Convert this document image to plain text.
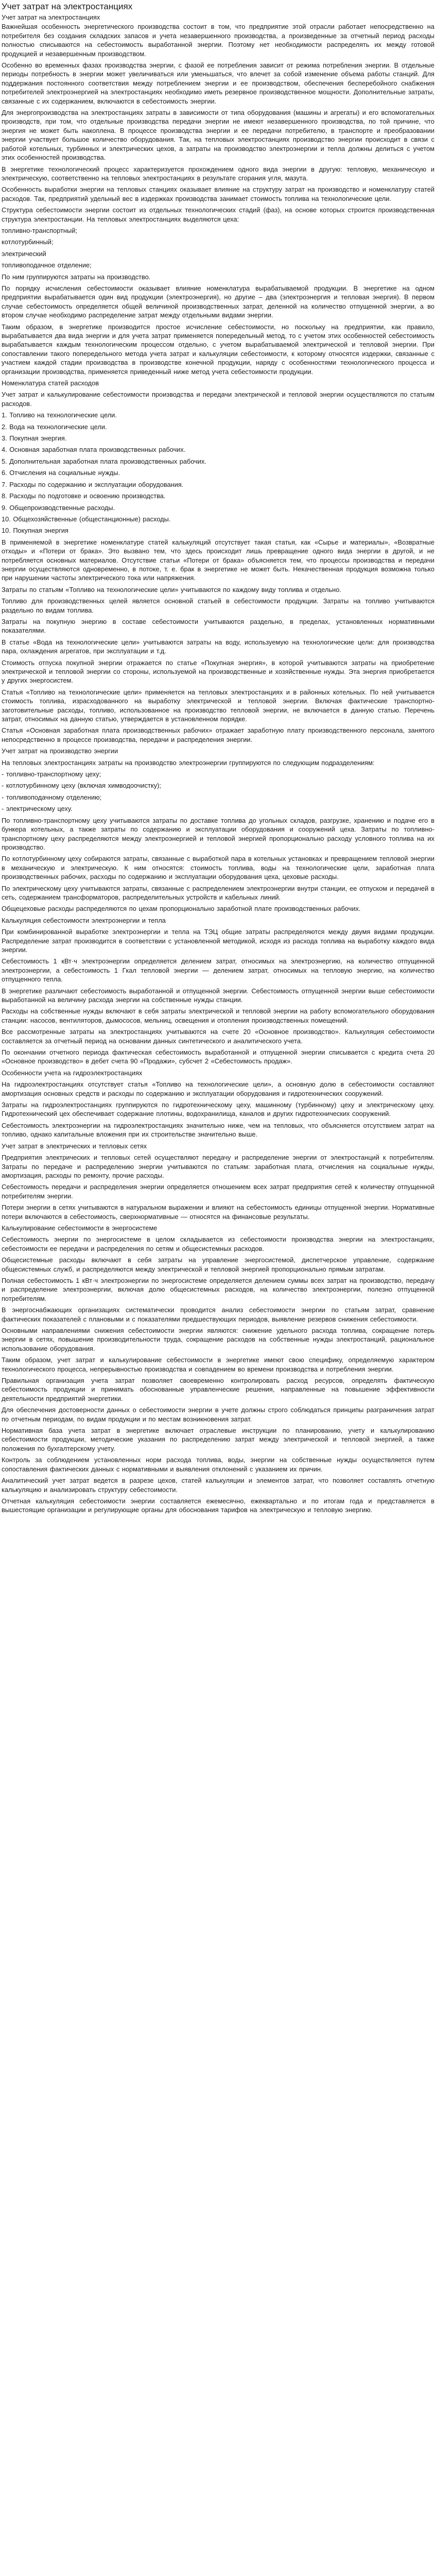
Учет затрат на электростанциях
Учет затрат на электростанциях

Важнейшая особенность энергетического производства состоит в том, что предприятие этой отрасли работает непосредственно на потребителя без создания складских запасов и учета незавершенного производства, а произведенные за отчетный период расходы полностью списываются на себестоимость выработанной энергии. Поэтому нет необходимости распределять их между готовой продукцией и незавершенным производством.

Особенно во временных фазах производства энергии, с фазой ее потребления зависит от режима потребления энергии. В отдельные периоды потребность в энергии может увеличиваться или уменьшаться, что влечет за собой изменение объема работы станций. Для поддержания постоянного соответствия между потреблением энергии и ее производством, обеспечения бесперебойного снабжения потребителей электроэнергией на электростанциях необходимо иметь резервное производственное мощности. Дополнительные затраты, связанные с их содержанием, включаются в себестоимость энергии.

Для энергопроизводства на электростанциях затраты в зависимости от типа оборудования (машины и агрегаты) и его вспомогательных производств, при том, что отдельные производства передачи энергии не имеют незавершенного производства, по той причине, что энергия не может быть накоплена. В процессе производства энергии и ее передачи потребителю, в транспорте и преобразовании энергии участвует большое количество оборудования. Так, на тепловых электростанциях производство энергии происходит в связи с работой котельных, турбинных и электрических цехов, а затраты на производство электроэнергии и тепла должны делиться с учетом этих особенностей производства.

В энергетике технологический процесс характеризуется прохождением одного вида энергии в другую: тепловую, механическую и электрическую, соответственно на тепловых электростанциях в результате сгорания угля, мазута.

Особенность выработки энергии на тепловых станциях оказывает влияние на структуру затрат на производство и номенклатуру статей расходов. Так, предприятий удельный вес в издержках производства занимает стоимость топлива на технологические цели.

Структура себестоимости энергии состоит из отдельных технологических стадий (фаз), на основе которых строится производственная структура электростанции. На тепловых электростанциях выделяются цеха:

топливно-транспортный;

котлотурбинный;

электрический

топливоподачное отделение;

По ним группируются затраты на производство.

По порядку исчисления себестоимости оказывает влияние номенклатура вырабатываемой продукции. В энергетике на одном предприятии вырабатывается один вид продукции (электроэнергия), но другие – два (электроэнергия и тепловая энергия). В первом случае себестоимость определяется общей величиной производственных затрат, деленной на количество отпущенной энергии, а во втором случае необходимо распределение затрат между отдельными видами энергии.

Таким образом, в энергетике производится простое исчисление себестоимости, но поскольку на предприятии, как правило, вырабатывается два вида энергии и для учета затрат применяется попередельный метод, то с учетом этих особенностей себестоимость вырабатывается каждым технологическим процессом отдельно, с учетом вырабатываемой электрической и тепловой энергии. При сопоставлении такого попередельного метода учета затрат и калькуляции себестоимости, к которому относятся издержки, связанные с участием каждой стадии производства в производстве конечной продукции, наряду с особенностями технологического процесса и организации производства, применяется приведенный ниже метод учета себестоимости продукции.

Номенклатура статей расходов

Учет затрат и калькулирование себестоимости производства и передачи электрической и тепловой энергии осуществляются по статьям расходов.

1. Топливо на технологические цели.

2. Вода на технологические цели.

3. Покупная энергия.

4. Основная заработная плата производственных рабочих.

5. Дополнительная заработная плата производственных рабочих.

6. Отчисления на социальные нужды.

7. Расходы по содержанию и эксплуатации оборудования.

8. Расходы по подготовке и освоению производства.

9. Общепроизводственные расходы.

10. Общехозяйственные (общестанционные) расходы.

10. Покупная энергия

В применяемой в энергетике номенклатуре статей калькуляций отсутствует такая статья, как «Сырье и материалы», «Возвратные отходы» и «Потери от брака». Это вызвано тем, что здесь происходит лишь превращение одного вида энергии в другой, и не потребляется основных материалов. Отсутствие статьи «Потери от брака» объясняется тем, что процессы производства и передачи энергии осуществляются одновременно, в потоке, т. е. брак в энергетике не может быть. Некачественная продукция возможна только при нарушении частоты электрического тока или напряжения.

Затраты по статьям «Топливо на технологические цели» учитываются по каждому виду топлива и отдельно.

Топливо для производственных целей является основной статьей в себестоимости продукции. Затраты на топливо учитываются раздельно по видам топлива.

Затраты на покупную энергию в составе себестоимости учитываются раздельно, в пределах, установленных нормативными показателями.

В статье «Вода на технологические цели» учитываются затраты на воду, используемую на технологические цели: для производства пара, охлаждения агрегатов, при эксплуатации и т.д.

Стоимость отпуска покупной энергии отражается по статье «Покупная энергия», в которой учитываются затраты на приобретение электрической и тепловой энергии со стороны, используемой на производственные и хозяйственные нужды. Эта энергия приобретается у других энергосистем.

Статья «Топливо на технологические цели» применяется на тепловых электростанциях и в районных котельных. По ней учитывается стоимость топлива, израсходованного на выработку электрической и тепловой энергии. Включая фактические транспортно-заготовительные расходы, топливо, использованное на производство тепловой энергии, не включается в данную статью. Перечень затрат, относимых на данную статью, утверждается в установленном порядке.

Статья «Основная заработная плата производственных рабочих» отражает заработную плату производственного персонала, занятого непосредственно в процессе производства, передачи и распределения энергии.

Учет затрат на производство энергии

На тепловых электростанциях затраты на производство электроэнергии группируются по следующим подразделениям:

- топливно-транспортному цеху;

- котлотурбинному цеху (включая химводоочистку);

- топливоподачному отделению;

- электрическому цеху.

По топливно-транспортному цеху учитываются затраты по доставке топлива до угольных складов, разгрузке, хранению и подаче его в бункера котельных, а также затраты по содержанию и эксплуатации оборудования и сооружений цеха. Затраты по топливно-транспортному цеху распределяются между электроэнергией и тепловой энергией пропорционально расходу условного топлива на их производство.

По котлотурбинному цеху собираются затраты, связанные с выработкой пара в котельных установках и превращением тепловой энергии в механическую и электрическую. К ним относятся: стоимость топлива, воды на технологические цели, заработная плата производственных рабочих, расходы по содержанию и эксплуатации оборудования цеха, цеховые расходы.

По электрическому цеху учитываются затраты, связанные с распределением электроэнергии внутри станции, ее отпуском и передачей в сеть, содержанием трансформаторов, распределительных устройств и кабельных линий.

Общецеховые расходы распределяются по цехам пропорционально заработной плате производственных рабочих.

Калькуляция себестоимости электроэнергии и тепла

При комбинированной выработке электроэнергии и тепла на ТЭЦ общие затраты распределяются между двумя видами продукции. Распределение затрат производится в соответствии с установленной методикой, исходя из расхода топлива на выработку каждого вида энергии.

Себестоимость 1 кВт·ч электроэнергии определяется делением затрат, относимых на электроэнергию, на количество отпущенной электроэнергии, а себестоимость 1 Гкал тепловой энергии — делением затрат, относимых на тепловую энергию, на количество отпущенного тепла.

В энергетике различают себестоимость выработанной и отпущенной энергии. Себестоимость отпущенной энергии выше себестоимости выработанной на величину расхода энергии на собственные нужды станции.

Расходы на собственные нужды включают в себя затраты электрической и тепловой энергии на работу вспомогательного оборудования станции: насосов, вентиляторов, дымососов, мельниц, освещения и отопления производственных помещений.

Все рассмотренные затраты на электростанциях учитываются на счете 20 «Основное производство». Калькуляция себестоимости составляется за отчетный период на основании данных синтетического и аналитического учета.

По окончании отчетного периода фактическая себестоимость выработанной и отпущенной энергии списывается с кредита счета 20 «Основное производство» в дебет счета 90 «Продажи», субсчет 2 «Себестоимость продаж».

Особенности учета на гидроэлектростанциях

На гидроэлектростанциях отсутствует статья «Топливо на технологические цели», а основную долю в себестоимости составляют амортизация основных средств и расходы по содержанию и эксплуатации оборудования и гидротехнических сооружений.

Затраты на гидроэлектростанциях группируются по гидротехническому цеху, машинному (турбинному) цеху и электрическому цеху. Гидротехнический цех обеспечивает содержание плотины, водохранилища, каналов и других гидротехнических сооружений.

Себестоимость электроэнергии на гидроэлектростанциях значительно ниже, чем на тепловых, что объясняется отсутствием затрат на топливо, однако капитальные вложения при их строительстве значительно выше.

Учет затрат в электрических и тепловых сетях

Предприятия электрических и тепловых сетей осуществляют передачу и распределение энергии от электростанций к потребителям. Затраты по передаче и распределению энергии учитываются по статьям: заработная плата, отчисления на социальные нужды, амортизация, расходы по ремонту, прочие расходы.

Себестоимость передачи и распределения энергии определяется отношением всех затрат предприятия сетей к количеству отпущенной потребителям энергии.

Потери энергии в сетях учитываются в натуральном выражении и влияют на себестоимость единицы отпущенной энергии. Нормативные потери включаются в себестоимость, сверхнормативные — относятся на финансовые результаты.

Калькулирование себестоимости в энергосистеме

Себестоимость энергии по энергосистеме в целом складывается из себестоимости производства энергии на электростанциях, себестоимости ее передачи и распределения по сетям и общесистемных расходов.

Общесистемные расходы включают в себя затраты на управление энергосистемой, диспетчерское управление, содержание общесистемных служб, и распределяются между электрической и тепловой энергией пропорционально прямым затратам.

Полная себестоимость 1 кВт·ч электроэнергии по энергосистеме определяется делением суммы всех затрат на производство, передачу и распределение электроэнергии, включая долю общесистемных расходов, на количество электроэнергии, полезно отпущенной потребителям.

В энергоснабжающих организациях систематически проводится анализ себестоимости энергии по статьям затрат, сравнение фактических показателей с плановыми и с показателями предшествующих периодов, выявление резервов снижения себестоимости.

Основными направлениями снижения себестоимости энергии являются: снижение удельного расхода топлива, сокращение потерь энергии в сетях, повышение производительности труда, сокращение расходов на собственные нужды электростанций, рациональное использование оборудования.

Таким образом, учет затрат и калькулирование себестоимости в энергетике имеют свою специфику, определяемую характером технологического процесса, непрерывностью производства и совпадением во времени производства и потребления энергии.

Правильная организация учета затрат позволяет своевременно контролировать расход ресурсов, определять фактическую себестоимость продукции и принимать обоснованные управленческие решения, направленные на повышение эффективности деятельности предприятий энергетики.

Для обеспечения достоверности данных о себестоимости энергии в учете должны строго соблюдаться принципы разграничения затрат по отчетным периодам, по видам продукции и по местам возникновения затрат.

Нормативная база учета затрат в энергетике включает отраслевые инструкции по планированию, учету и калькулированию себестоимости продукции, методические указания по распределению затрат между электрической и тепловой энергией, а также положения по бухгалтерскому учету.

Контроль за соблюдением установленных норм расхода топлива, воды, энергии на собственные нужды осуществляется путем сопоставления фактических данных с нормативными и выявления отклонений с указанием их причин.

Аналитический учет затрат ведется в разрезе цехов, статей калькуляции и элементов затрат, что позволяет составлять отчетную калькуляцию и анализировать структуру себестоимости.

Отчетная калькуляция себестоимости энергии составляется ежемесячно, ежеквартально и по итогам года и представляется в вышестоящие организации и регулирующие органы для обоснования тарифов на электрическую и тепловую энергию.
